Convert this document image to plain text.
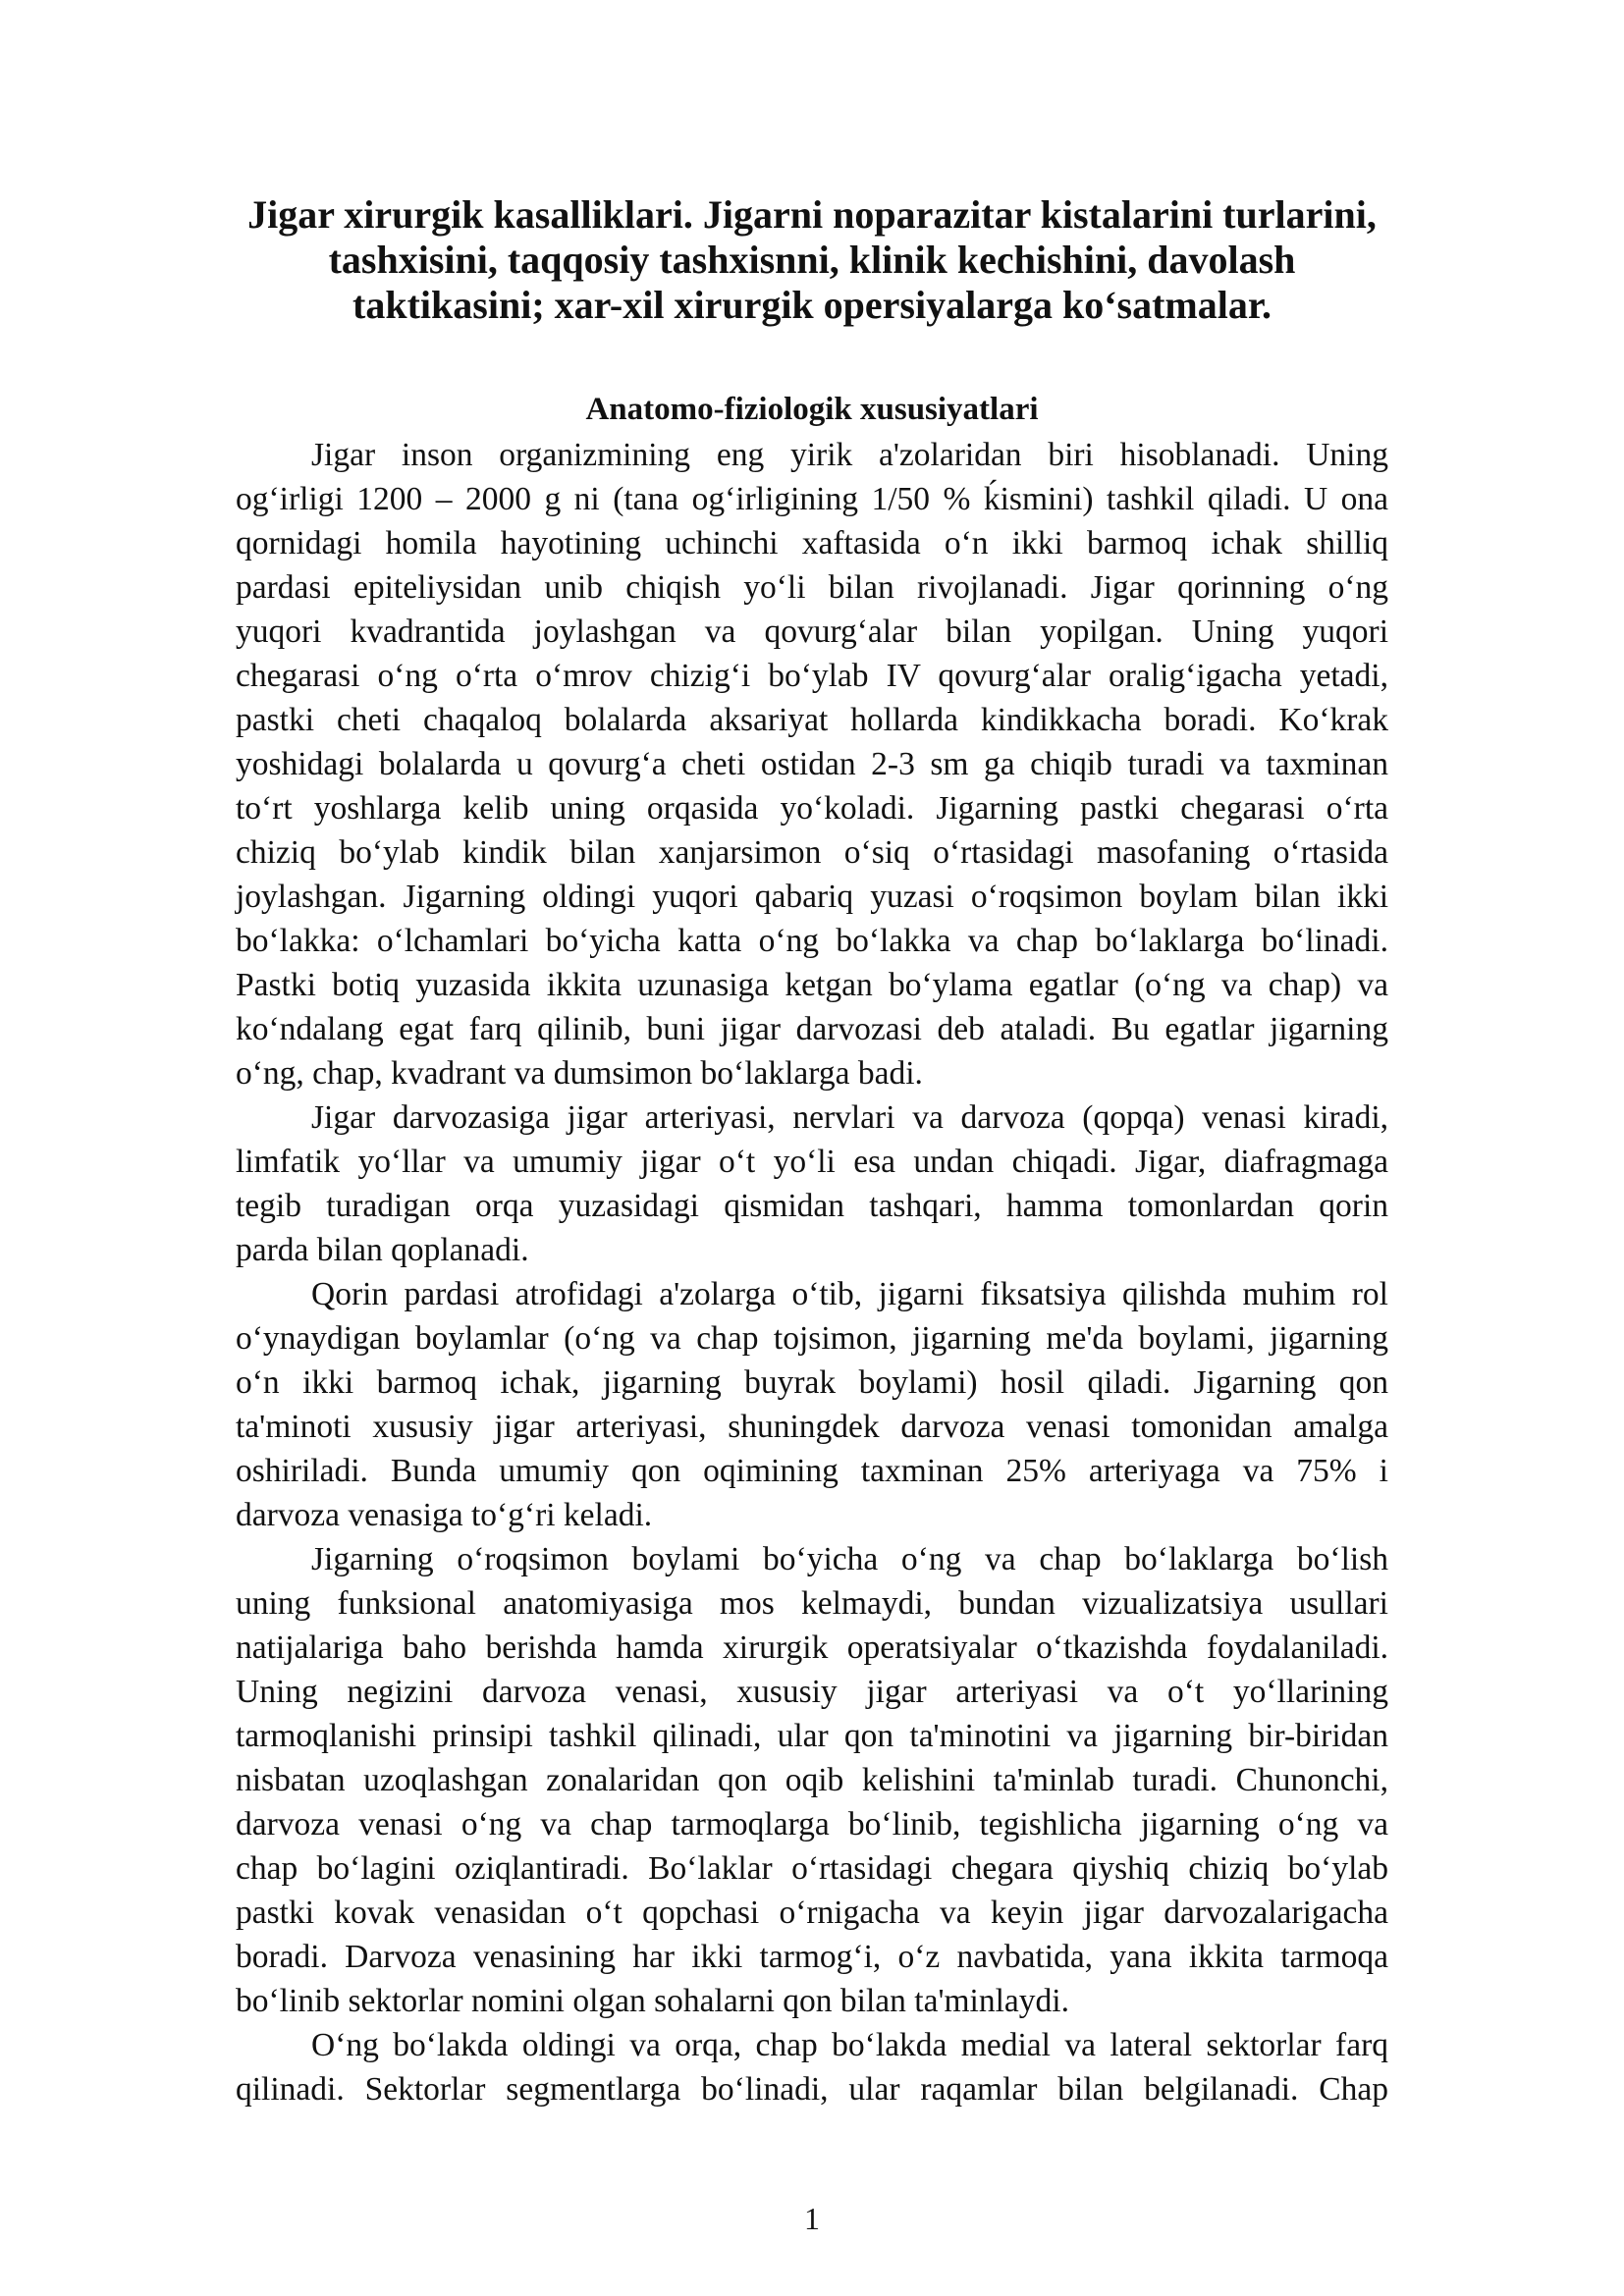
Jigar xirurgik kasalliklari. Jigarni noparazitar kistalarini turlarini,
tashxisini, taqqosiy tashxisnni, klinik kechishini, davolash
taktikasini; xar-xil xirurgik opersiyalarga ko‘satmalar.
Anatomo-fiziologik xususiyatlari

Jigar inson organizmining eng yirik a'zolaridan biri hisoblanadi. Uning
og‘irligi 1200 – 2000 g ni (tana og‘irligining 1/50 % ḱismini) tashkil qiladi. U ona
qornidagi homila hayotining uchinchi xaftasida o‘n ikki barmoq ichak shilliq
pardasi epiteliysidan unib chiqish yo‘li bilan rivojlanadi. Jigar qorinning o‘ng
yuqori kvadrantida joylashgan va qovurg‘alar bilan yopilgan. Uning yuqori
chegarasi o‘ng o‘rta o‘mrov chizig‘i bo‘ylab IV qovurg‘alar oralig‘igacha yetadi,
pastki cheti chaqaloq bolalarda aksariyat hollarda kindikkacha boradi. Ko‘krak
yoshidagi bolalarda u qovurg‘a cheti ostidan 2-3 sm ga chiqib turadi va taxminan
to‘rt yoshlarga kelib uning orqasida yo‘koladi. Jigarning pastki chegarasi o‘rta
chiziq bo‘ylab kindik bilan xanjarsimon o‘siq o‘rtasidagi masofaning o‘rtasida
joylashgan. Jigarning oldingi yuqori qabariq yuzasi o‘roqsimon boylam bilan ikki
bo‘lakka: o‘lchamlari bo‘yicha katta o‘ng bo‘lakka va chap bo‘laklarga bo‘linadi.
Pastki botiq yuzasida ikkita uzunasiga ketgan bo‘ylama egatlar (o‘ng va chap) va
ko‘ndalang egat farq qilinib, buni jigar darvozasi deb ataladi. Bu egatlar jigarning
o‘ng, chap, kvadrant va dumsimon bo‘laklarga badi.

Jigar darvozasiga jigar arteriyasi, nervlari va darvoza (qopqa) venasi kiradi,
limfatik yo‘llar va umumiy jigar o‘t yo‘li esa undan chiqadi. Jigar, diafragmaga
tegib turadigan orqa yuzasidagi qismidan tashqari, hamma tomonlardan qorin
parda bilan qoplanadi.

Qorin pardasi atrofidagi a'zolarga o‘tib, jigarni fiksatsiya qilishda muhim rol
o‘ynaydigan boylamlar (o‘ng va chap tojsimon, jigarning me'da boylami, jigarning
o‘n ikki barmoq ichak, jigarning buyrak boylami) hosil qiladi. Jigarning qon
ta'minoti xususiy jigar arteriyasi, shuningdek darvoza venasi tomonidan amalga
oshiriladi. Bunda umumiy qon oqimining taxminan 25% arteriyaga va 75% i
darvoza venasiga to‘g‘ri keladi.

Jigarning o‘roqsimon boylami bo‘yicha o‘ng va chap bo‘laklarga bo‘lish
uning funksional anatomiyasiga mos kelmaydi, bundan vizualizatsiya usullari
natijalariga baho berishda hamda xirurgik operatsiyalar o‘tkazishda foydalaniladi.
Uning negizini darvoza venasi, xususiy jigar arteriyasi va o‘t yo‘llarining
tarmoqlanishi prinsipi tashkil qilinadi, ular qon ta'minotini va jigarning bir-biridan
nisbatan uzoqlashgan zonalaridan qon oqib kelishini ta'minlab turadi. Chunonchi,
darvoza venasi o‘ng va chap tarmoqlarga bo‘linib, tegishlicha jigarning o‘ng va
chap bo‘lagini oziqlantiradi. Bo‘laklar o‘rtasidagi chegara qiyshiq chiziq bo‘ylab
pastki kovak venasidan o‘t qopchasi o‘rnigacha va keyin jigar darvozalarigacha
boradi. Darvoza venasining har ikki tarmog‘i, o‘z navbatida, yana ikkita tarmoqa
bo‘linib sektorlar nomini olgan sohalarni qon bilan ta'minlaydi.

O‘ng bo‘lakda oldingi va orqa, chap bo‘lakda medial va lateral sektorlar farq
qilinadi. Sektorlar segmentlarga bo‘linadi, ular raqamlar bilan belgilanadi. Chap

1
